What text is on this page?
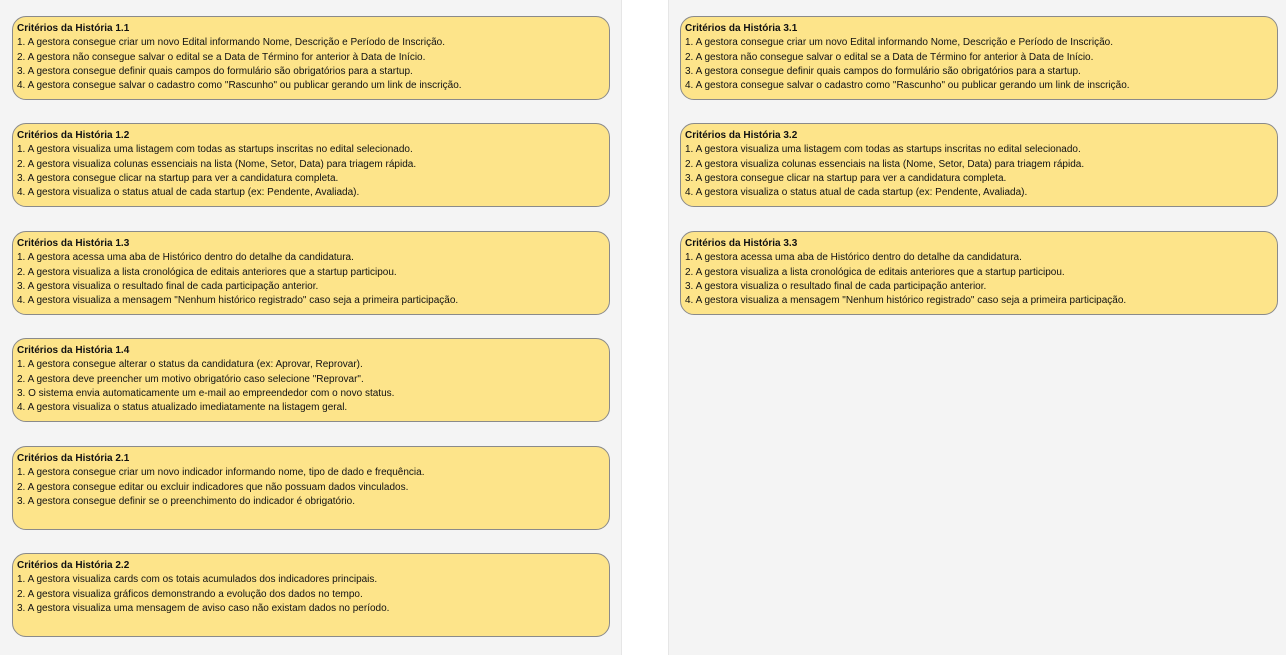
Critérios da História 1.1
1. A gestora consegue criar um novo Edital informando Nome, Descrição e Período de Inscrição.
2. A gestora não consegue salvar o edital se a Data de Término for anterior à Data de Início.
3. A gestora consegue definir quais campos do formulário são obrigatórios para a startup.
4. A gestora consegue salvar o cadastro como "Rascunho" ou publicar gerando um link de inscrição.
Critérios da História 1.2
1. A gestora visualiza uma listagem com todas as startups inscritas no edital selecionado.
2. A gestora visualiza colunas essenciais na lista (Nome, Setor, Data) para triagem rápida.
3. A gestora consegue clicar na startup para ver a candidatura completa.
4. A gestora visualiza o status atual de cada startup (ex: Pendente, Avaliada).
Critérios da História 1.3
1. A gestora acessa uma aba de Histórico dentro do detalhe da candidatura.
2. A gestora visualiza a lista cronológica de editais anteriores que a startup participou.
3. A gestora visualiza o resultado final de cada participação anterior.
4. A gestora visualiza a mensagem "Nenhum histórico registrado" caso seja a primeira participação.
Critérios da História 1.4
1. A gestora consegue alterar o status da candidatura (ex: Aprovar, Reprovar).
2. A gestora deve preencher um motivo obrigatório caso selecione "Reprovar".
3. O sistema envia automaticamente um e-mail ao empreendedor com o novo status.
4. A gestora visualiza o status atualizado imediatamente na listagem geral.
Critérios da História 2.1
1. A gestora consegue criar um novo indicador informando nome, tipo de dado e frequência.
2. A gestora consegue editar ou excluir indicadores que não possuam dados vinculados.
3. A gestora consegue definir se o preenchimento do indicador é obrigatório.
Critérios da História 2.2
1. A gestora visualiza cards com os totais acumulados dos indicadores principais.
2. A gestora visualiza gráficos demonstrando a evolução dos dados no tempo.
3. A gestora visualiza uma mensagem de aviso caso não existam dados no período.
Critérios da História 3.1
1. A gestora consegue criar um novo Edital informando Nome, Descrição e Período de Inscrição.
2. A gestora não consegue salvar o edital se a Data de Término for anterior à Data de Início.
3. A gestora consegue definir quais campos do formulário são obrigatórios para a startup.
4. A gestora consegue salvar o cadastro como "Rascunho" ou publicar gerando um link de inscrição.
Critérios da História 3.2
1. A gestora visualiza uma listagem com todas as startups inscritas no edital selecionado.
2. A gestora visualiza colunas essenciais na lista (Nome, Setor, Data) para triagem rápida.
3. A gestora consegue clicar na startup para ver a candidatura completa.
4. A gestora visualiza o status atual de cada startup (ex: Pendente, Avaliada).
Critérios da História 3.3
1. A gestora acessa uma aba de Histórico dentro do detalhe da candidatura.
2. A gestora visualiza a lista cronológica de editais anteriores que a startup participou.
3. A gestora visualiza o resultado final de cada participação anterior.
4. A gestora visualiza a mensagem "Nenhum histórico registrado" caso seja a primeira participação.
